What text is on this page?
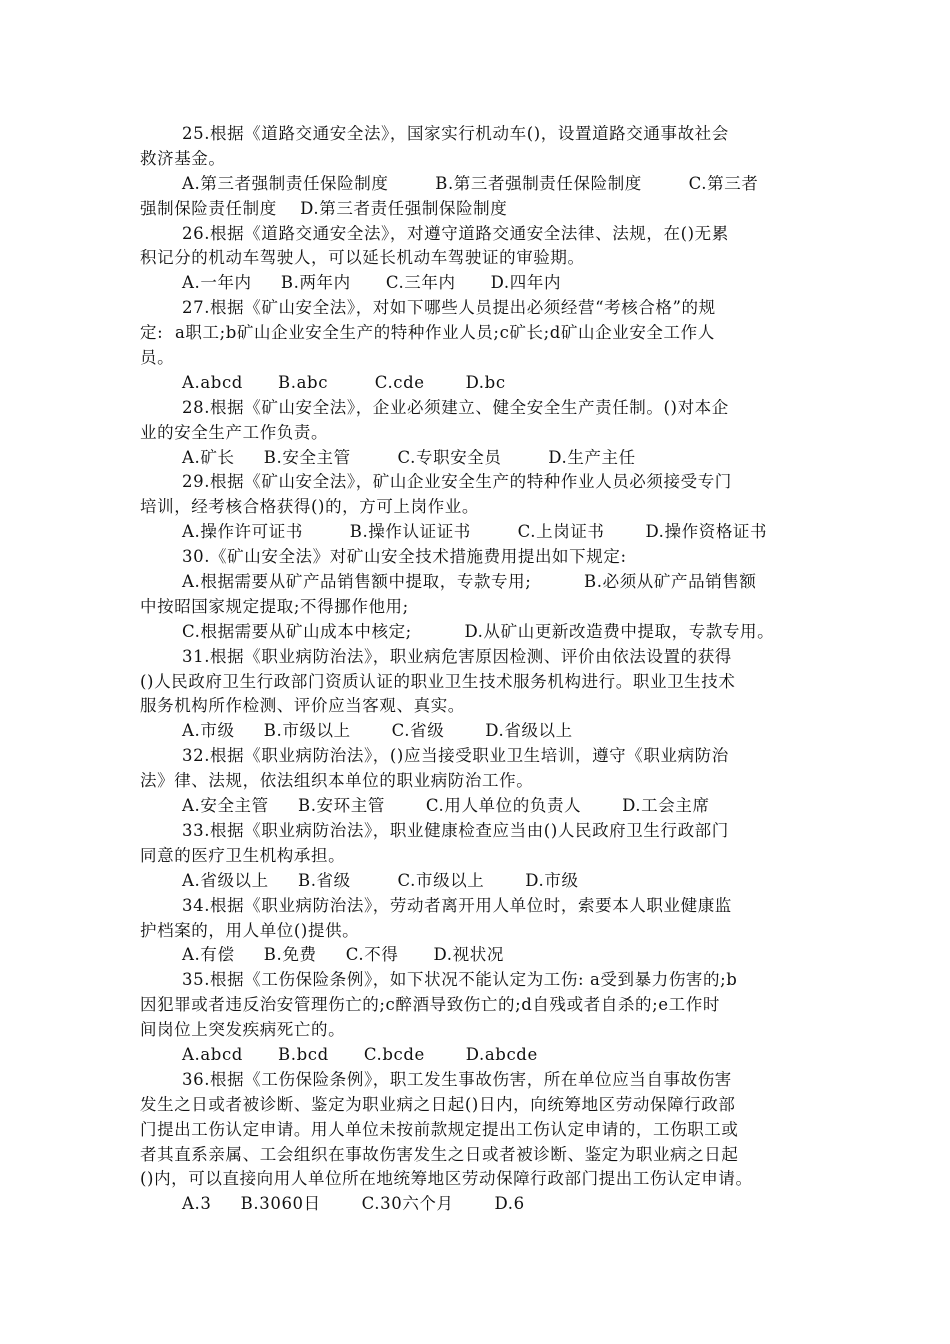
25.根据《道路交通安全法》，国家实行机动车()，设置道路交通事故社会
救济基金。
A.第三者强制责任保险制度        B.第三者强制责任保险制度        C.第三者
强制保险责任制度    D.第三者责任强制保险制度
26.根据《道路交通安全法》，对遵守道路交通安全法律、法规，在()无累
积记分的机动车驾驶人，可以延长机动车驾驶证的审验期。
A.一年内     B.两年内      C.三年内      D.四年内
27.根据《矿山安全法》，对如下哪些人员提出必须经营“考核合格”的规
定:  a职工;b矿山企业安全生产的特种作业人员;c矿长;d矿山企业安全工作人
员。
A.abcd      B.abc        C.cde       D.bc
28.根据《矿山安全法》，企业必须建立、健全安全生产责任制。()对本企
业的安全生产工作负责。
A.矿长     B.安全主管        C.专职安全员        D.生产主任
29.根据《矿山安全法》，矿山企业安全生产的特种作业人员必须接受专门
培训，经考核合格获得()的，方可上岗作业。
A.操作许可证书        B.操作认证证书        C.上岗证书       D.操作资格证书
30.《矿山安全法》对矿山安全技术措施费用提出如下规定:
A.根据需要从矿产品销售额中提取，专款专用;         B.必须从矿产品销售额
中按昭国家规定提取;不得挪作他用;
C.根据需要从矿山成本中核定;         D.从矿山更新改造费中提取，专款专用。
31.根据《职业病防治法》，职业病危害原因检测、评价由依法设置的获得
()人民政府卫生行政部门资质认证的职业卫生技术服务机构进行。职业卫生技术
服务机构所作检测、评价应当客观、真实。
A.市级     B.市级以上       C.省级       D.省级以上
32.根据《职业病防治法》，()应当接受职业卫生培训，遵守《职业病防治
法》律、法规，依法组织本单位的职业病防治工作。
A.安全主管     B.安环主管       C.用人单位的负责人       D.工会主席
33.根据《职业病防治法》，职业健康检查应当由()人民政府卫生行政部门
同意的医疗卫生机构承担。
A.省级以上     B.省级        C.市级以上       D.市级
34.根据《职业病防治法》，劳动者离开用人单位时，索要本人职业健康监
护档案的，用人单位()提供。
A.有偿     B.免费     C.不得      D.视状况
35.根据《工伤保险条例》，如下状况不能认定为工伤: a受到暴力伤害的;b
因犯罪或者违反治安管理伤亡的;c醉酒导致伤亡的;d自残或者自杀的;e工作时
间岗位上突发疾病死亡的。
A.abcd      B.bcd      C.bcde       D.abcde
36.根据《工伤保险条例》，职工发生事故伤害，所在单位应当自事故伤害
发生之日或者被诊断、鉴定为职业病之日起()日内，向统筹地区劳动保障行政部
门提出工伤认定申请。用人单位未按前款规定提出工伤认定申请的，工伤职工或
者其直系亲属、工会组织在事故伤害发生之日或者被诊断、鉴定为职业病之日起
()内，可以直接向用人单位所在地统筹地区劳动保障行政部门提出工伤认定申请。
A.3     B.3060日       C.30六个月       D.6
